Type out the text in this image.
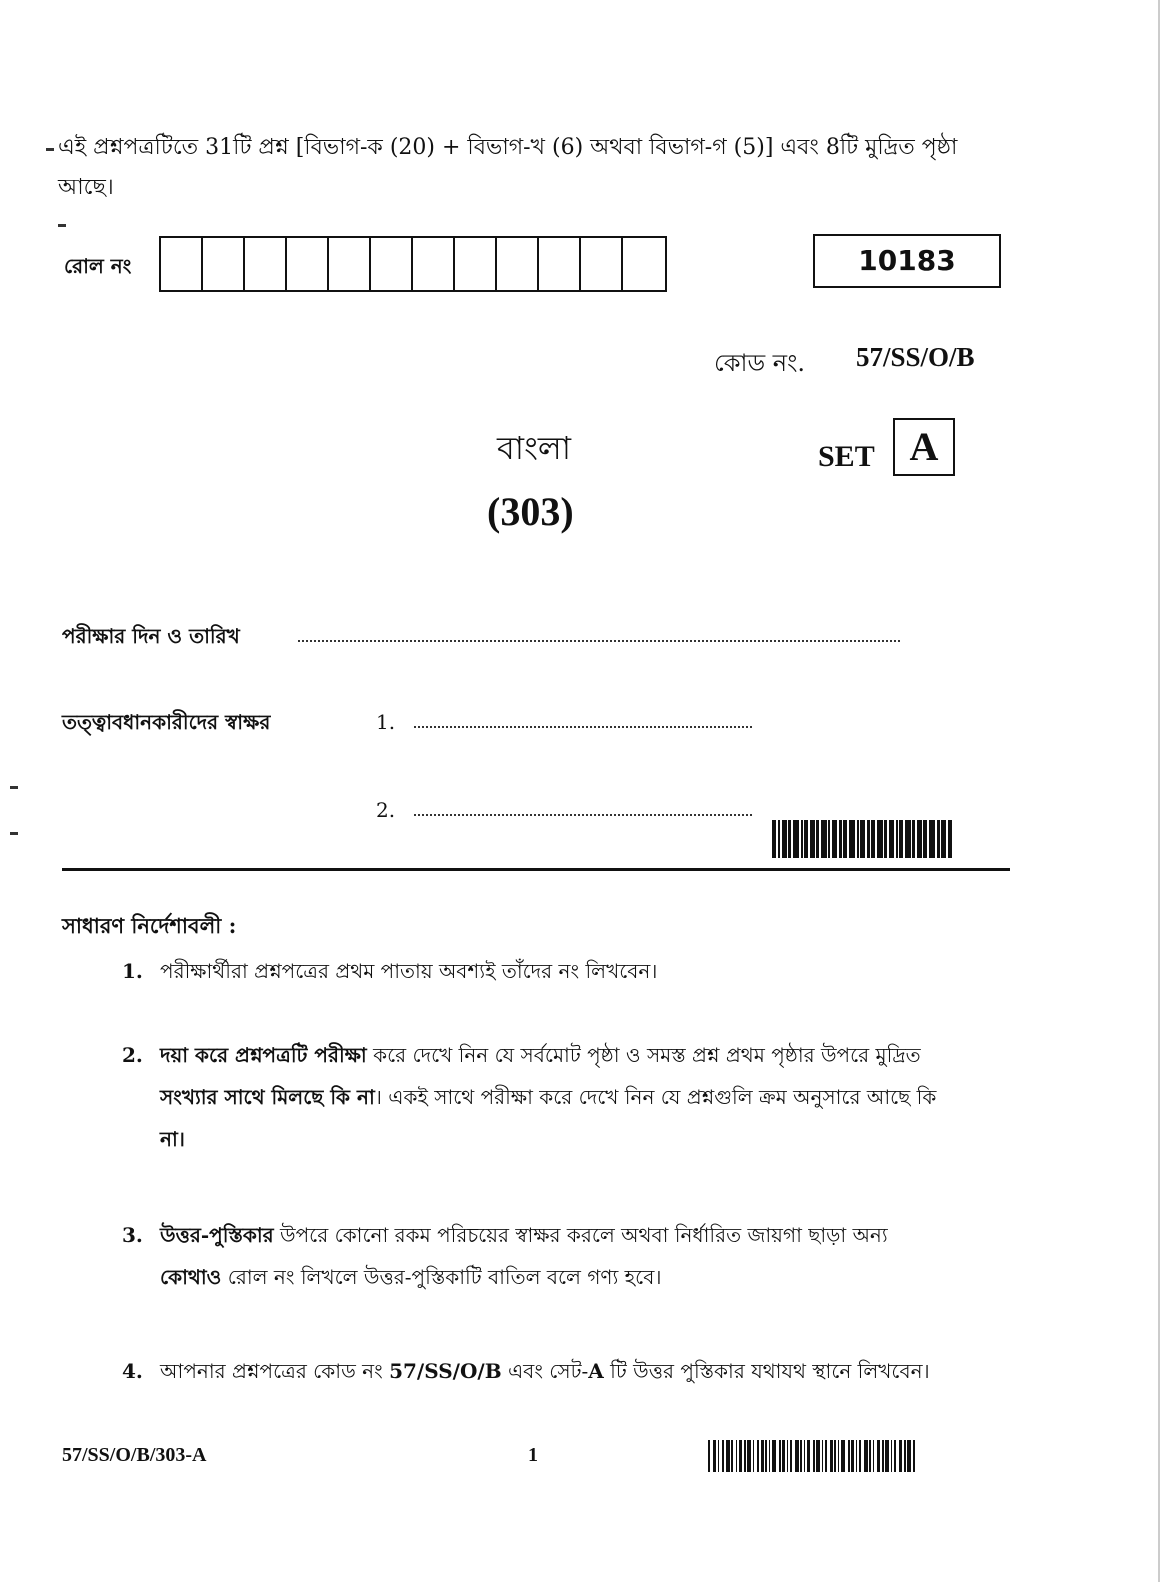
এই প্রশ্নপত্রটিতে 31টি প্রশ্ন [বিভাগ-ক (20) + বিভাগ-খ (6) অথবা বিভাগ-গ (5)] এবং 8টি মুদ্রিত পৃষ্ঠা
আছে।
রোল নং	10183
কোড নং. 57/SS/O/B
বাংলা	SET A
(303)
পরীক্ষার দিন ও তারিখ
তত্ত্বাবধানকারীদের স্বাক্ষর	1.
2.
সাধারণ নির্দেশাবলী :
1. পরীক্ষার্থীরা প্রশ্নপত্রের প্রথম পাতায় অবশ্যই তাঁদের নং লিখবেন।
2. দয়া করে প্রশ্নপত্রটি পরীক্ষা করে দেখে নিন যে সর্বমোট পৃষ্ঠা ও সমস্ত প্রশ্ন প্রথম পৃষ্ঠার উপরে মুদ্রিত
সংখ্যার সাথে মিলছে কি না। একই সাথে পরীক্ষা করে দেখে নিন যে প্রশ্নগুলি ক্রম অনুসারে আছে কি
না।
3. উত্তর-পুস্তিকার উপরে কোনো রকম পরিচয়ের স্বাক্ষর করলে অথবা নির্ধারিত জায়গা ছাড়া অন্য
কোথাও রোল নং লিখলে উত্তর-পুস্তিকাটি বাতিল বলে গণ্য হবে।
4. আপনার প্রশ্নপত্রের কোড নং 57/SS/O/B এবং সেট-A টি উত্তর পুস্তিকার যথাযথ স্থানে লিখবেন।
57/SS/O/B/303-A	1
